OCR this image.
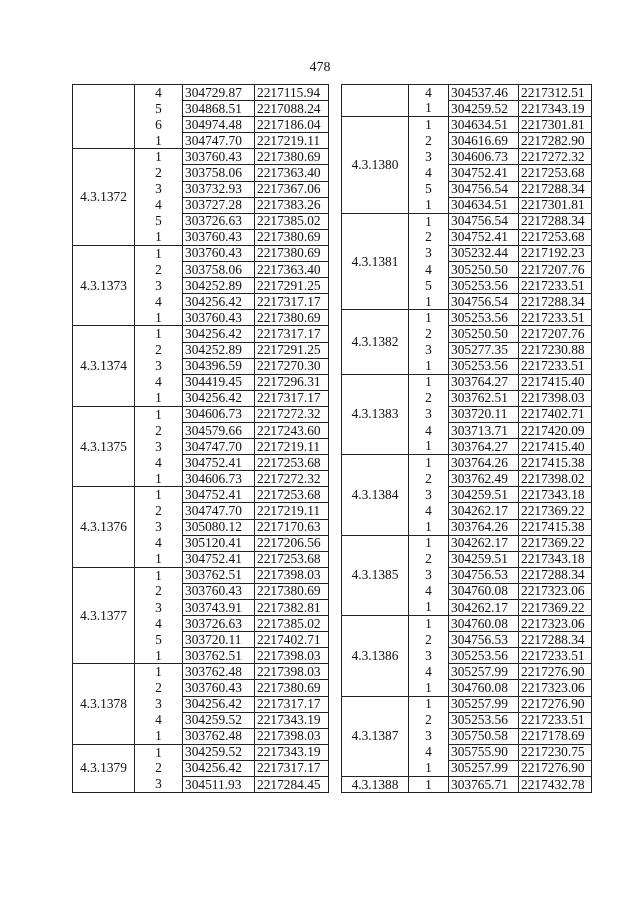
478
	4	304729.87	2217115.94
	5	304868.51	2217088.24
	6	304974.48	2217186.04
	1	304747.70	2217219.11
4.3.1372	1	303760.43	2217380.69
	2	303758.06	2217363.40
	3	303732.93	2217367.06
	4	303727.28	2217383.26
	5	303726.63	2217385.02
	1	303760.43	2217380.69
4.3.1373	1	303760.43	2217380.69
	2	303758.06	2217363.40
	3	304252.89	2217291.25
	4	304256.42	2217317.17
	1	303760.43	2217380.69
4.3.1374	1	304256.42	2217317.17
	2	304252.89	2217291.25
	3	304396.59	2217270.30
	4	304419.45	2217296.31
	1	304256.42	2217317.17
4.3.1375	1	304606.73	2217272.32
	2	304579.66	2217243.60
	3	304747.70	2217219.11
	4	304752.41	2217253.68
	1	304606.73	2217272.32
4.3.1376	1	304752.41	2217253.68
	2	304747.70	2217219.11
	3	305080.12	2217170.63
	4	305120.41	2217206.56
	1	304752.41	2217253.68
4.3.1377	1	303762.51	2217398.03
	2	303760.43	2217380.69
	3	303743.91	2217382.81
	4	303726.63	2217385.02
	5	303720.11	2217402.71
	1	303762.51	2217398.03
4.3.1378	1	303762.48	2217398.03
	2	303760.43	2217380.69
	3	304256.42	2217317.17
	4	304259.52	2217343.19
	1	303762.48	2217398.03
4.3.1379	1	304259.52	2217343.19
	2	304256.42	2217317.17
	3	304511.93	2217284.45
	4	304537.46	2217312.51
	1	304259.52	2217343.19
4.3.1380	1	304634.51	2217301.81
	2	304616.69	2217282.90
	3	304606.73	2217272.32
	4	304752.41	2217253.68
	5	304756.54	2217288.34
	1	304634.51	2217301.81
4.3.1381	1	304756.54	2217288.34
	2	304752.41	2217253.68
	3	305232.44	2217192.23
	4	305250.50	2217207.76
	5	305253.56	2217233.51
	1	304756.54	2217288.34
4.3.1382	1	305253.56	2217233.51
	2	305250.50	2217207.76
	3	305277.35	2217230.88
	1	305253.56	2217233.51
4.3.1383	1	303764.27	2217415.40
	2	303762.51	2217398.03
	3	303720.11	2217402.71
	4	303713.71	2217420.09
	1	303764.27	2217415.40
4.3.1384	1	303764.26	2217415.38
	2	303762.49	2217398.02
	3	304259.51	2217343.18
	4	304262.17	2217369.22
	1	303764.26	2217415.38
4.3.1385	1	304262.17	2217369.22
	2	304259.51	2217343.18
	3	304756.53	2217288.34
	4	304760.08	2217323.06
	1	304262.17	2217369.22
4.3.1386	1	304760.08	2217323.06
	2	304756.53	2217288.34
	3	305253.56	2217233.51
	4	305257.99	2217276.90
	1	304760.08	2217323.06
4.3.1387	1	305257.99	2217276.90
	2	305253.56	2217233.51
	3	305750.58	2217178.69
	4	305755.90	2217230.75
	1	305257.99	2217276.90
4.3.1388	1	303765.71	2217432.78
